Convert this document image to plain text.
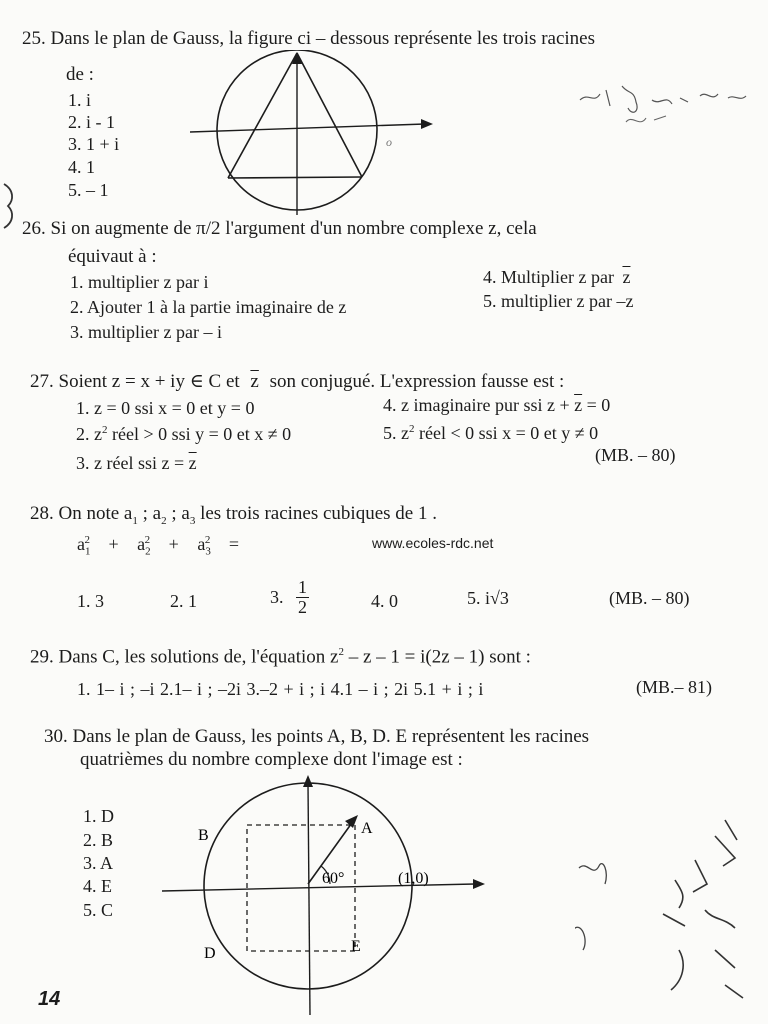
25. Dans le plan de Gauss, la figure ci – dessous représente les trois racines
de :
1. i
2. i - 1
3. 1 + i
4. 1
5. – 1
o
26. Si on augmente de π/2 l'argument d'un nombre complexe z, cela
équivaut à :
1. multiplier z par i
2. Ajouter 1 à la partie imaginaire de z
3. multiplier z par – i
4. Multiplier z par $\overline{z}$
5. multiplier z par –z
27. Soient z = x + iy ∈ C et $\overline{z}$ son conjugué. L'expression fausse est :
1. z = 0 ssi x = 0 et y = 0
2. $z^2$ réel > 0 ssi y = 0 et x ≠ 0
3. z réel ssi $z = \overline{z}$
4. z imaginaire pur ssi $z + \overline{z} = 0$
5. $z^2$ réel < 0 ssi x = 0 et y ≠ 0
(MB. – 80)
28. On note $a_1$ ; $a_2$ ; $a_3$ les trois racines cubiques de 1 .
$a_1^2 + a_2^2 + a_3^2$ =	www.ecoles-rdc.net
1. 3	2. 1	3. $\frac{1}{2}$	4. 0	5. i√3	(MB. – 80)
29. Dans C, les solutions de, l'équation $z^2 - z - 1 = i(2z - 1)$ sont :
1. 1– i ; –i 2.1– i ; –2i 3.–2 + i ; i 4.1 – i ; 2i 5.1 + i ; i	(MB.– 81)
30. Dans le plan de Gauss, les points A, B, D. E représentent les racines
quatrièmes du nombre complexe dont l'image est :
1. D
2. B
3. A
4. E
5. C
A
B
D	E
60°	(1,0)
14
